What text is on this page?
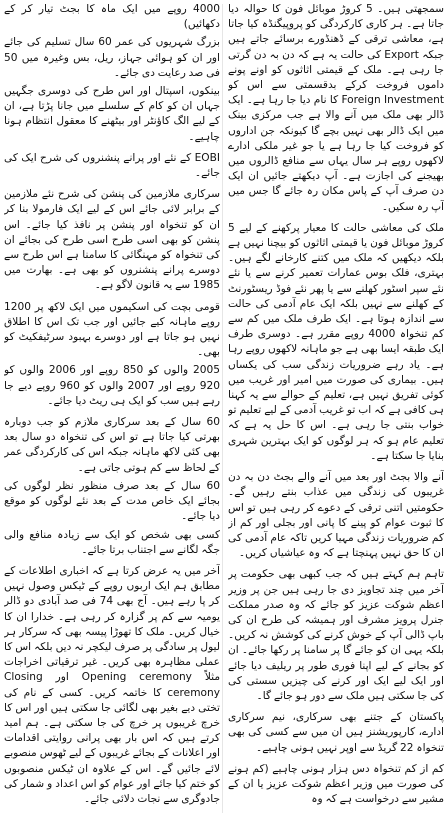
سمجھتی ہیں۔ 5 کروڑ موبائل فون کا حوالہ دیا جاتا ہے۔ ہر کاری کارکردگی کو پروپیگنڈہ کیا جاتا ہے، معاشی ترقی کے ڈھنڈورے برسائے جاتے ہیں جبکہ Export کی حالت یہ ہے کہ دن بہ دن گرتی جا رہی ہے۔ ملک کے قیمتی اثاثوں کو اونے پونے داموں فروخت کرکے بدقسمتی سے اس کو Foreign Investment کا نام دیا جا رہا ہے۔ ایک ڈالر بھی ملک میں آنے والا ہے جب مرکزی بینک میں ایک ڈالر بھی نہیں بچے گا کیونکہ جن اداروں کو فروخت کیا جا رہا ہے یا جو غیر ملکی ادارے لاکھوں روپے ہر سال یہاں سے منافع ڈالروں میں بھیجنے کی اجازت ہے۔ آپ دیکھتے جائیں ان ایک دن صرف آپ کے پاس مکان رہ جائے گا جس میں آپ رہ سکیں۔

ملک کی معاشی حالت کا معیار پرکھنے کے لیے 5 کروڑ موبائل فون یا قیمتی اثاثوں کو بیچنا نہیں ہے بلکہ دیکھیں کہ ملک میں کتنے کارخانے لگے ہیں۔ بہتری، فلک بوس عمارات تعمیر کرنے سے یا نئے نئے سپر اسٹور کھلنے سے یا پھر نئے فوڈ ریسٹورنٹ کے کھلنے سے نہیں بلکہ ایک عام آدمی کی حالت سے اندازہ ہوتا ہے۔ ایک طرف ملک میں کم سے کم تنخواہ 4000 روپے مقرر ہے۔ دوسری طرف ایک طبقہ ایسا بھی ہے جو ماہانہ لاکھوں روپے رہا ہے۔ یاد رہے ضروریات زندگی سب کی یکساں ہیں۔ بیماری کی صورت میں امیر اور غریب میں کوئی تفریق نہیں ہے، تعلیم کے حوالے سے یہ کہنا ہی کافی ہے کہ اب تو غریب آدمی کے لیے تعلیم تو خواب بنتی جا رہی ہے۔ اس کا حل یہ ہے کہ تعلیم عام ہو کہ ہر لوگوں کو ایک بہترین شہری بنایا جا سکتا ہے۔

آنے والا بجٹ اور بعد میں آنے والے بجٹ دن بہ دن غریبوں کی زندگی میں عذاب بنتے رہیں گے۔ حکومتیں اتنی ترقی کے دعوے کر رہی ہیں تو اس کا ثبوت عوام کو پینے کا پانی اور بجلی اور کم از کم ضروریات زندگی مہیا کریں تاکہ عام آدمی کی ان کا حق نہیں پہنچتا ہے کہ وہ عیاشیاں کریں۔

تاہم ہم کہتے ہیں کہ جب کبھی بھی حکومت پر آخر میں چند تجاویز دی جا رہی ہیں جن پر وزیر اعظم شوکت عزیز کو جائے کہ وہ صدر مملکت جنرل پرویز مشرف اور ہمیشہ کی طرح ان کی باپ ڈالی آپ کے خوش کرنے کی کوشش نہ کریں۔ بلکہ یہی ان کو جائے گا پر سامنا پر رکھا جائے۔ ان کو بجانے کے لیے اپنا فوری طور پر ریلیف دیا جائے اور ایک لیے ایک اور کرنے کی چیزیں سستی کی کی جا سکتی ہیں ملک سے دور ہو جائے گا۔

پاکستان کے جتنے بھی سرکاری، نیم سرکاری ادارے، کارپوریشنز ہیں ان میں سے کسی کی بھی تنخواہ 22 گریڈ سے اوپر نہیں ہونی چاہیے۔

کم از کم تنخواہ دس ہزار ہونی چاہیے (کم ہونے کی صورت میں وزیر اعظم شوکت عزیز یا ان کے مشیر سے درخواست ہے کہ وہ

4000 روپے میں ایک ماہ کا بجٹ تیار کر کے دکھائیں)

بزرگ شہریوں کی عمر 60 سال تسلیم کی جائے اور ان کو ہوائی جہاز، ریل، بس وغیرہ میں 50 فی صد رعایت دی جائے۔

بینکوں، اسپتال اور اس طرح کی دوسری جگہیں جہاں ان کو کام کے سلسلے میں جانا پڑتا ہے، ان کے لیے الگ کاؤنٹر اور بیٹھنے کا معقول انتظام ہونا چاہیے۔

EOBI کے نئے اور پرانے پنشنروں کی شرح ایک کی جائے۔

سرکاری ملازمین کی پنشن کی شرح نئے ملازمین کے برابر لائی جائے اس کے لیے ایک فارمولا بنا کر ان کو تنخواہ اور پنشن پر نافذ کیا جائے۔ اس پنشن کو بھی اسی طرح اسی طرح کی بجائے ان کی تنخواہ کو مہنگائی کا سامنا ہے اس طرح سے دوسرے پرانے پنشنروں کو بھی ہے۔ بھارت میں 1985 سے یہ قانون لاگو ہے۔

قومی بچت کی اسکیموں میں ایک لاکھ پر 1200 روپے ماہانہ کیے جائیں اور جب تک اس کا اطلاق نہیں ہو جاتا ہے اور دوسرے بہبود سرٹیفکیٹ کو بھی۔

2005 والوں کو 850 روپے اور 2006 والوں کو 920 روپے اور 2007 والوں کو 960 روپے دیے جا رہے ہیں سب کو ایک ہی ریٹ دیا جائے۔

60 سال کے بعد سرکاری ملازم کو جب دوبارہ بھرتی کیا جاتا ہے تو اس کی تنخواہ دو سال بعد بھی کئی لاکھ ماہانہ جبکہ اس کی کارکردگی عمر کے لحاظ سے کم ہوتی جاتی ہے۔

60 سال کے بعد صرف منظور نظر لوگوں کی بجائے ایک خاص مدت کے بعد نئے لوگوں کو موقع دیا جائے۔

کسی بھی شخص کو ایک سے زیادہ منافع والی جگہ لگانے سے اجتناب برتا جائے۔

آخر میں یہ عرض کرتا ہے کہ اخباری اطلاعات کے مطابق ہم ایک اربوں روپے کے ٹیکس وصول نہیں کر پا رہے ہیں۔ آج بھی 74 فی صد آبادی دو ڈالر یومیہ سے کم پر گزارہ کر رہی ہے۔ خدارا ان کا خیال کریں۔ ملک کا تھوڑا پیسہ بھی کہ سرکار ہر لیول پر سادگی پر صرف لیکچر نہ دیں بلکہ اس کا عملی مظاہرہ بھی کریں۔ غیر ترقیاتی اخراجات مثلاً Opening ceremony اور Closing ceremony کا خاتمہ کریں۔ کسی کے نام کی تختی دیے بغیر بھی لگائی جا سکتی ہیں اور اس کا خرچ غریبوں پر خرچ کی جا سکتی ہے۔ ہم امید کرتے ہیں کہ اس بار بھی پرانی روایتی اقدامات اور اعلانات کے بجائے غریبوں کے لیے ٹھوس منصوبے لائے جائیں گے۔ اس کے علاوہ ان ٹیکس منصوبوں کو ختم کیا جائے اور عوام کو اس اعداد و شمار کی جادوگری سے نجات دلائی جائے۔
